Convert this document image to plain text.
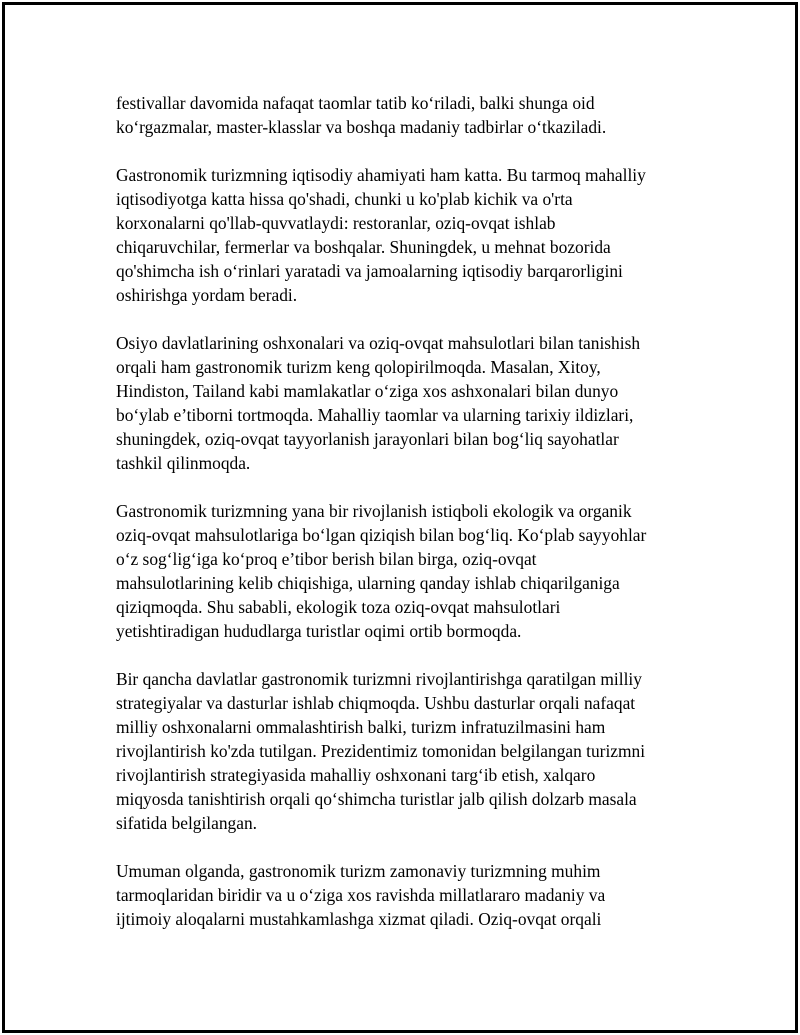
festivallar davomida nafaqat taomlar tatib koʻriladi, balki shunga oid
koʻrgazmalar, master-klasslar va boshqa madaniy tadbirlar oʻtkaziladi.
Gastronomik turizmning iqtisodiy ahamiyati ham katta. Bu tarmoq mahalliy
iqtisodiyotga katta hissa qo'shadi, chunki u ko'plab kichik va o'rta
korxonalarni qo'llab-quvvatlaydi: restoranlar, oziq-ovqat ishlab
chiqaruvchilar, fermerlar va boshqalar. Shuningdek, u mehnat bozorida
qo'shimcha ish oʻrinlari yaratadi va jamoalarning iqtisodiy barqarorligini
oshirishga yordam beradi.
Osiyo davlatlarining oshxonalari va oziq-ovqat mahsulotlari bilan tanishish
orqali ham gastronomik turizm keng qolopirilmoqda. Masalan, Xitoy,
Hindiston, Tailand kabi mamlakatlar oʻziga xos ashxonalari bilan dunyo
boʻylab e’tiborni tortmoqda. Mahalliy taomlar va ularning tarixiy ildizlari,
shuningdek, oziq-ovqat tayyorlanish jarayonlari bilan bogʻliq sayohatlar
tashkil qilinmoqda.
Gastronomik turizmning yana bir rivojlanish istiqboli ekologik va organik
oziq-ovqat mahsulotlariga boʻlgan qiziqish bilan bogʻliq. Koʻplab sayyohlar
oʻz sogʻligʻiga koʻproq e’tibor berish bilan birga, oziq-ovqat
mahsulotlarining kelib chiqishiga, ularning qanday ishlab chiqarilganiga
qiziqmoqda. Shu sababli, ekologik toza oziq-ovqat mahsulotlari
yetishtiradigan hududlarga turistlar oqimi ortib bormoqda.
Bir qancha davlatlar gastronomik turizmni rivojlantirishga qaratilgan milliy
strategiyalar va dasturlar ishlab chiqmoqda. Ushbu dasturlar orqali nafaqat
milliy oshxonalarni ommalashtirish balki, turizm infratuzilmasini ham
rivojlantirish ko'zda tutilgan. Prezidentimiz tomonidan belgilangan turizmni
rivojlantirish strategiyasida mahalliy oshxonani targʻib etish, xalqaro
miqyosda tanishtirish orqali qoʻshimcha turistlar jalb qilish dolzarb masala
sifatida belgilangan.
Umuman olganda, gastronomik turizm zamonaviy turizmning muhim
tarmoqlaridan biridir va u oʻziga xos ravishda millatlararo madaniy va
ijtimoiy aloqalarni mustahkamlashga xizmat qiladi. Oziq-ovqat orqali
